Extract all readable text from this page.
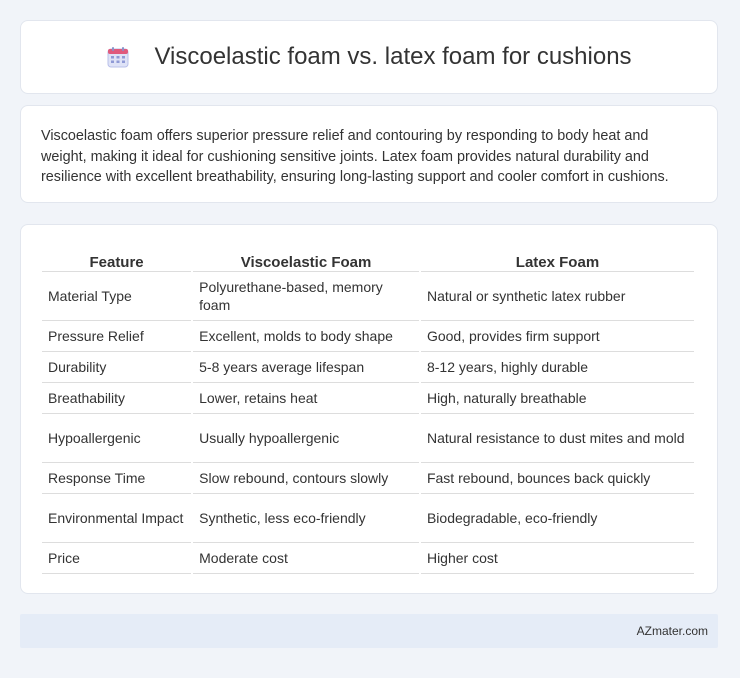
Viscoelastic foam vs. latex foam for cushions

Viscoelastic foam offers superior pressure relief and contouring by responding to body heat and weight, making it ideal for cushioning sensitive joints. Latex foam provides natural durability and resilience with excellent breathability, ensuring long-lasting support and cooler comfort in cushions.

Feature	Viscoelastic Foam	Latex Foam
Material Type	Polyurethane-based, memory foam	Natural or synthetic latex rubber
Pressure Relief	Excellent, molds to body shape	Good, provides firm support
Durability	5-8 years average lifespan	8-12 years, highly durable
Breathability	Lower, retains heat	High, naturally breathable
Hypoallergenic	Usually hypoallergenic	Natural resistance to dust mites and mold
Response Time	Slow rebound, contours slowly	Fast rebound, bounces back quickly
Environmental Impact	Synthetic, less eco-friendly	Biodegradable, eco-friendly
Price	Moderate cost	Higher cost
AZmater.com
